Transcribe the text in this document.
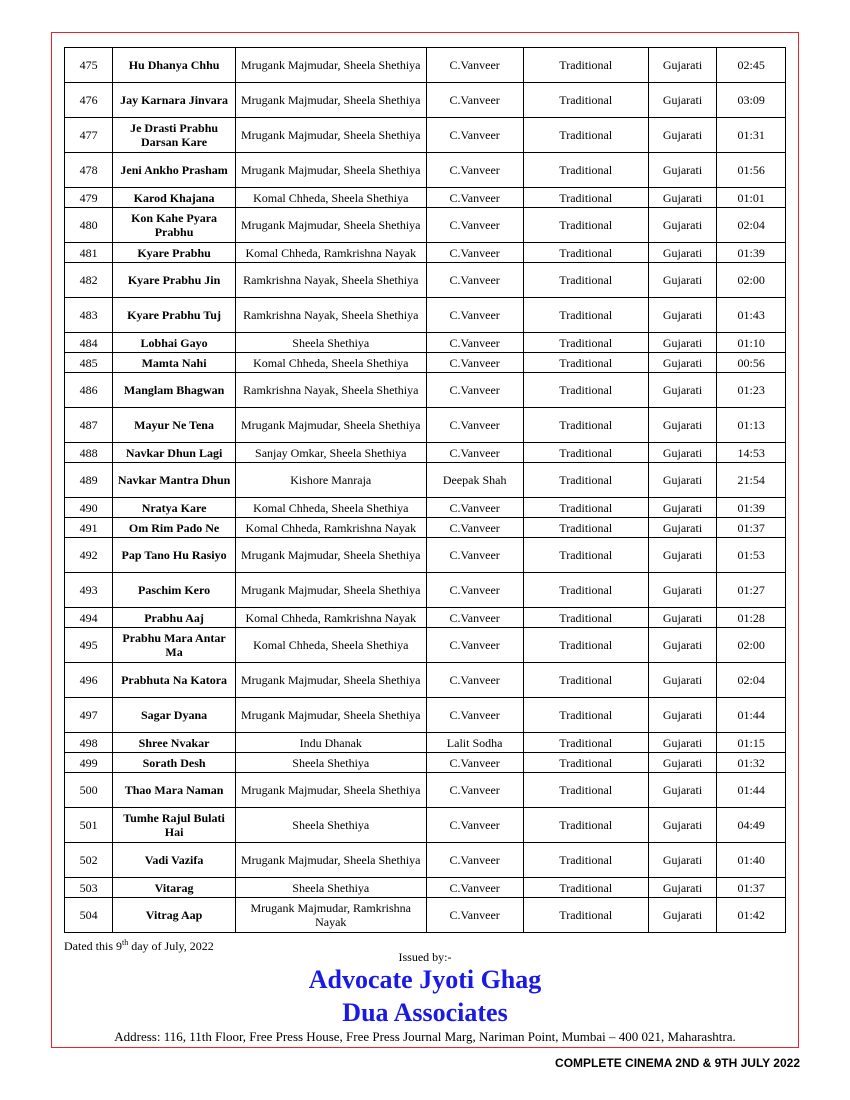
475	Hu Dhanya Chhu	Mrugank Majmudar, Sheela Shethiya	C.Vanveer	Traditional	Gujarati	02:45
476	Jay Karnara Jinvara	Mrugank Majmudar, Sheela Shethiya	C.Vanveer	Traditional	Gujarati	03:09
477	Je Drasti Prabhu Darsan Kare	Mrugank Majmudar, Sheela Shethiya	C.Vanveer	Traditional	Gujarati	01:31
478	Jeni Ankho Prasham	Mrugank Majmudar, Sheela Shethiya	C.Vanveer	Traditional	Gujarati	01:56
479	Karod Khajana	Komal Chheda, Sheela Shethiya	C.Vanveer	Traditional	Gujarati	01:01
480	Kon Kahe Pyara Prabhu	Mrugank Majmudar, Sheela Shethiya	C.Vanveer	Traditional	Gujarati	02:04
481	Kyare Prabhu	Komal Chheda, Ramkrishna Nayak	C.Vanveer	Traditional	Gujarati	01:39
482	Kyare Prabhu Jin	Ramkrishna Nayak, Sheela Shethiya	C.Vanveer	Traditional	Gujarati	02:00
483	Kyare Prabhu Tuj	Ramkrishna Nayak, Sheela Shethiya	C.Vanveer	Traditional	Gujarati	01:43
484	Lobhai Gayo	Sheela Shethiya	C.Vanveer	Traditional	Gujarati	01:10
485	Mamta Nahi	Komal Chheda, Sheela Shethiya	C.Vanveer	Traditional	Gujarati	00:56
486	Manglam Bhagwan	Ramkrishna Nayak, Sheela Shethiya	C.Vanveer	Traditional	Gujarati	01:23
487	Mayur Ne Tena	Mrugank Majmudar, Sheela Shethiya	C.Vanveer	Traditional	Gujarati	01:13
488	Navkar Dhun Lagi	Sanjay Omkar, Sheela Shethiya	C.Vanveer	Traditional	Gujarati	14:53
489	Navkar Mantra Dhun	Kishore Manraja	Deepak Shah	Traditional	Gujarati	21:54
490	Nratya Kare	Komal Chheda, Sheela Shethiya	C.Vanveer	Traditional	Gujarati	01:39
491	Om Rim Pado Ne	Komal Chheda, Ramkrishna Nayak	C.Vanveer	Traditional	Gujarati	01:37
492	Pap Tano Hu Rasiyo	Mrugank Majmudar, Sheela Shethiya	C.Vanveer	Traditional	Gujarati	01:53
493	Paschim Kero	Mrugank Majmudar, Sheela Shethiya	C.Vanveer	Traditional	Gujarati	01:27
494	Prabhu Aaj	Komal Chheda, Ramkrishna Nayak	C.Vanveer	Traditional	Gujarati	01:28
495	Prabhu Mara Antar Ma	Komal Chheda, Sheela Shethiya	C.Vanveer	Traditional	Gujarati	02:00
496	Prabhuta Na Katora	Mrugank Majmudar, Sheela Shethiya	C.Vanveer	Traditional	Gujarati	02:04
497	Sagar Dyana	Mrugank Majmudar, Sheela Shethiya	C.Vanveer	Traditional	Gujarati	01:44
498	Shree Nvakar	Indu Dhanak	Lalit Sodha	Traditional	Gujarati	01:15
499	Sorath Desh	Sheela Shethiya	C.Vanveer	Traditional	Gujarati	01:32
500	Thao Mara Naman	Mrugank Majmudar, Sheela Shethiya	C.Vanveer	Traditional	Gujarati	01:44
501	Tumhe Rajul Bulati Hai	Sheela Shethiya	C.Vanveer	Traditional	Gujarati	04:49
502	Vadi Vazifa	Mrugank Majmudar, Sheela Shethiya	C.Vanveer	Traditional	Gujarati	01:40
503	Vitarag	Sheela Shethiya	C.Vanveer	Traditional	Gujarati	01:37
504	Vitrag Aap	Mrugank Majmudar, Ramkrishna Nayak	C.Vanveer	Traditional	Gujarati	01:42
Dated this 9th day of July, 2022
Issued by:-
Advocate Jyoti Ghag
Dua Associates
Address: 116, 11th Floor, Free Press House, Free Press Journal Marg, Nariman Point, Mumbai – 400 021, Maharashtra.
COMPLETE CINEMA 2ND & 9TH JULY 2022
